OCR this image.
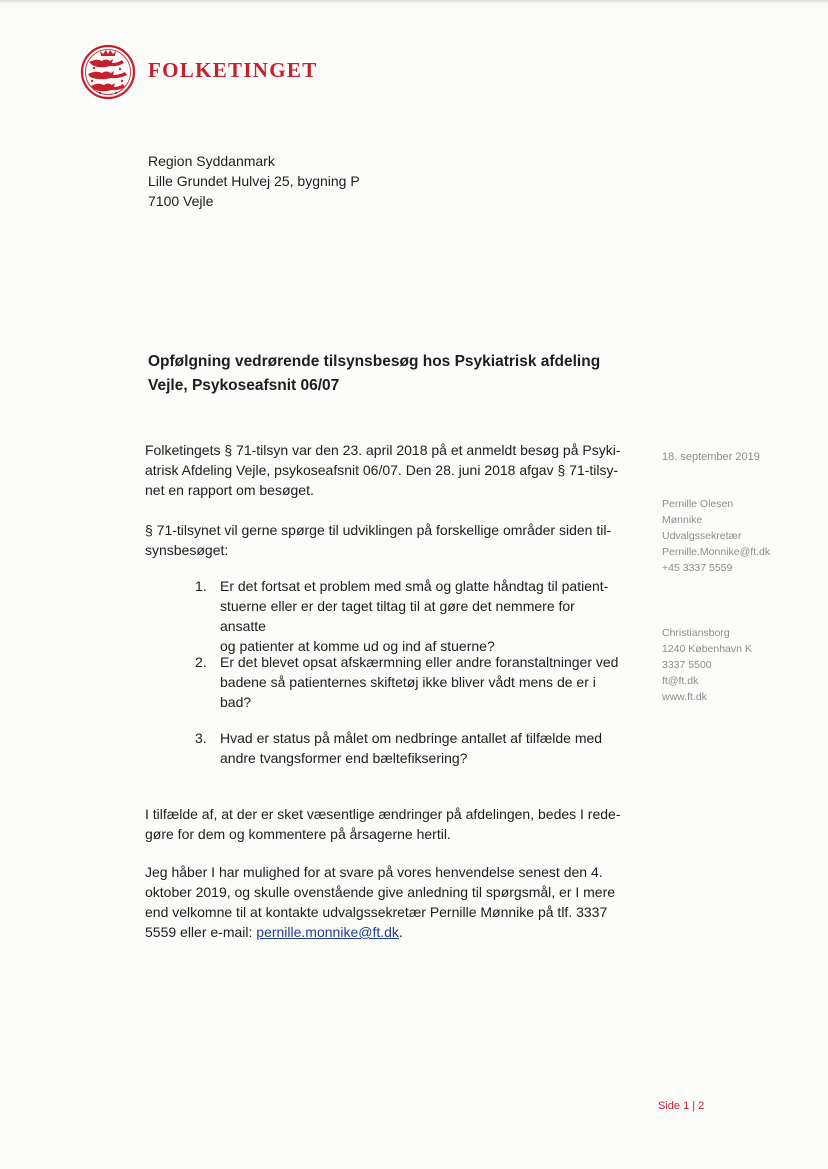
FOLKETINGET
Region Syddanmark
Lille Grundet Hulvej 25, bygning P
7100 Vejle
Opfølgning vedrørende tilsynsbesøg hos Psykiatrisk afdeling
Vejle, Psykoseafsnit 06/07

Folketingets § 71-tilsyn var den 23. april 2018 på et anmeldt besøg på Psyki-
atrisk Afdeling Vejle, psykoseafsnit 06/07. Den 28. juni 2018 afgav § 71-tilsy-
net en rapport om besøget.

§ 71-tilsynet vil gerne spørge til udviklingen på forskellige områder siden til-
synsbesøget:

1. Er det fortsat et problem med små og glatte håndtag til patient-
stuerne eller er der taget tiltag til at gøre det nemmere for ansatte
og patienter at komme ud og ind af stuerne?
2. Er det blevet opsat afskærmning eller andre foranstaltninger ved
badene så patienternes skiftetøj ikke bliver vådt mens de er i
bad?
3. Hvad er status på målet om nedbringe antallet af tilfælde med
andre tvangsformer end bæltefiksering?

I tilfælde af, at der er sket væsentlige ændringer på afdelingen, bedes I rede-
gøre for dem og kommentere på årsagerne hertil.

Jeg håber I har mulighed for at svare på vores henvendelse senest den 4.
oktober 2019, og skulle ovenstående give anledning til spørgsmål, er I mere
end velkomne til at kontakte udvalgssekretær Pernille Mønnike på tlf. 3337
5559 eller e-mail: pernille.monnike@ft.dk.

18. september 2019
Pernille Olesen
Mønnike
Udvalgssekretær
Pernille.Monnike@ft.dk
+45 3337 5559
Christiansborg
1240 København K
3337 5500
ft@ft.dk
www.ft.dk
Side 1 | 2
